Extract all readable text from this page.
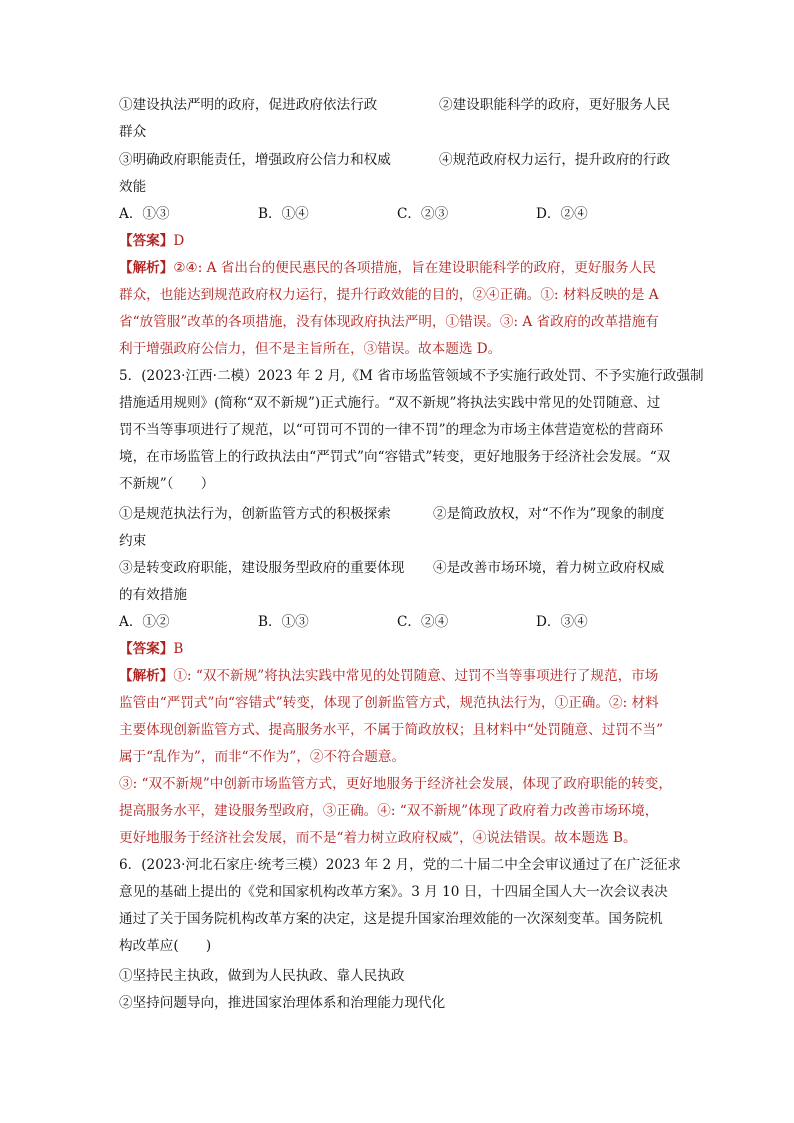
①建设执法严明的政府，促进政府依法行政	②建设职能科学的政府，更好服务人民
群众
③明确政府职能责任，增强政府公信力和权威	④规范政府权力运行，提升政府的行政
效能
A．①③	B．①④	C．②③	D．②④
【答案】D
【解析】②④: A 省出台的便民惠民的各项措施，旨在建设职能科学的政府，更好服务人民
群众，也能达到规范政府权力运行，提升行政效能的目的，②④正确。①: 材料反映的是 A
省“放管服”改革的各项措施，没有体现政府执法严明，①错误。③: A 省政府的改革措施有
利于增强政府公信力，但不是主旨所在，③错误。故本题选 D。
5．(2023·江西·二模）2023 年 2 月,《M 省市场监管领域不予实施行政处罚、不予实施行政强制
措施适用规则》(简称“双不新规”)正式施行。“双不新规”将执法实践中常见的处罚随意、过
罚不当等事项进行了规范，以“可罚可不罚的一律不罚”的理念为市场主体营造宽松的营商环
境，在市场监管上的行政执法由“严罚式”向“容错式”转变，更好地服务于经济社会发展。“双
不新规”（　　）
①是规范执法行为，创新监管方式的积极探索	②是简政放权，对“不作为”现象的制度
约束
③是转变政府职能，建设服务型政府的重要体现 ④是改善市场环境，着力树立政府权威
的有效措施
A．①②	B．①③	C．②④	D．③④
【答案】B
【解析】①: “双不新规”将执法实践中常见的处罚随意、过罚不当等事项进行了规范，市场
监管由“严罚式”向“容错式”转变，体现了创新监管方式，规范执法行为，①正确。②: 材料
主要体现创新监管方式、提高服务水平，不属于简政放权；且材料中“处罚随意、过罚不当”
属于“乱作为”，而非“不作为”，②不符合题意。
③: “双不新规”中创新市场监管方式，更好地服务于经济社会发展，体现了政府职能的转变，
提高服务水平，建设服务型政府，③正确。④: “双不新规”体现了政府着力改善市场环境，
更好地服务于经济社会发展，而不是“着力树立政府权威”，④说法错误。故本题选 B。
6．(2023·河北石家庄·统考三模）2023 年 2 月，党的二十届二中全会审议通过了在广泛征求
意见的基础上提出的《党和国家机构改革方案》。3 月 10 日，十四届全国人大一次会议表决
通过了关于国务院机构改革方案的决定，这是提升国家治理效能的一次深刻变革。国务院机
构改革应(　　)
①坚持民主执政，做到为人民执政、靠人民执政
②坚持问题导向，推进国家治理体系和治理能力现代化
